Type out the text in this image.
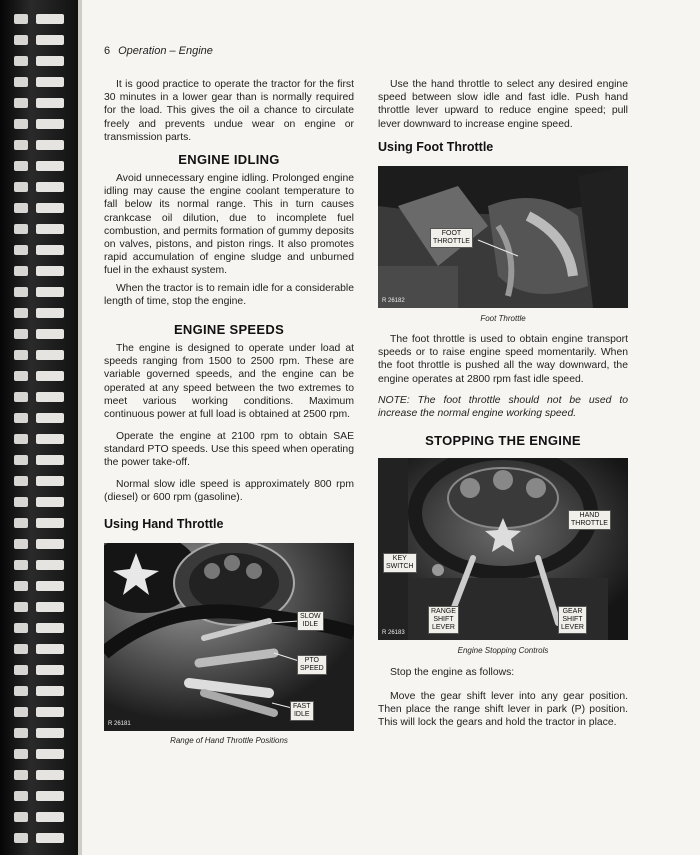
6 Operation – Engine
It is good practice to operate the tractor for the first 30 minutes in a lower gear than is normally required for the load. This gives the oil a chance to circulate freely and prevents undue wear on engine or transmission parts.
ENGINE IDLING
Avoid unnecessary engine idling. Prolonged engine idling may cause the engine coolant temperature to fall below its normal range. This in turn causes crankcase oil dilution, due to incomplete fuel combustion, and permits formation of gummy deposits on valves, pistons, and piston rings. It also promotes rapid accumulation of engine sludge and unburned fuel in the exhaust system.
When the tractor is to remain idle for a considerable length of time, stop the engine.
ENGINE SPEEDS
The engine is designed to operate under load at speeds ranging from 1500 to 2500 rpm. These are variable governed speeds, and the engine can be operated at any speed between the two extremes to meet various working conditions. Maximum continuous power at full load is obtained at 2500 rpm.
Operate the engine at 2100 rpm to obtain SAE standard PTO speeds. Use this speed when operating the power take-off.
Normal slow idle speed is approximately 800 rpm (diesel) or 600 rpm (gasoline).
Using Hand Throttle
SLOW
IDLE
PTO
SPEED
FAST
IDLE
R 26181
Range of Hand Throttle Positions
Use the hand throttle to select any desired engine speed between slow idle and fast idle. Push hand throttle lever upward to reduce engine speed; pull lever downward to increase engine speed.
Using Foot Throttle
FOOT
THROTTLE
R 26182
Foot Throttle
The foot throttle is used to obtain engine transport speeds or to raise engine speed momentarily. When the foot throttle is pushed all the way downward, the engine operates at 2800 rpm fast idle speed.
NOTE: The foot throttle should not be used to increase the normal engine working speed.
STOPPING THE ENGINE
HAND
THROTTLE
KEY
SWITCH
RANGE
SHIFT
LEVER
GEAR
SHIFT
LEVER
R 26183
Engine Stopping Controls
Stop the engine as follows:
Move the gear shift lever into any gear position. Then place the range shift lever in park (P) position. This will lock the gears and hold the tractor in place.
